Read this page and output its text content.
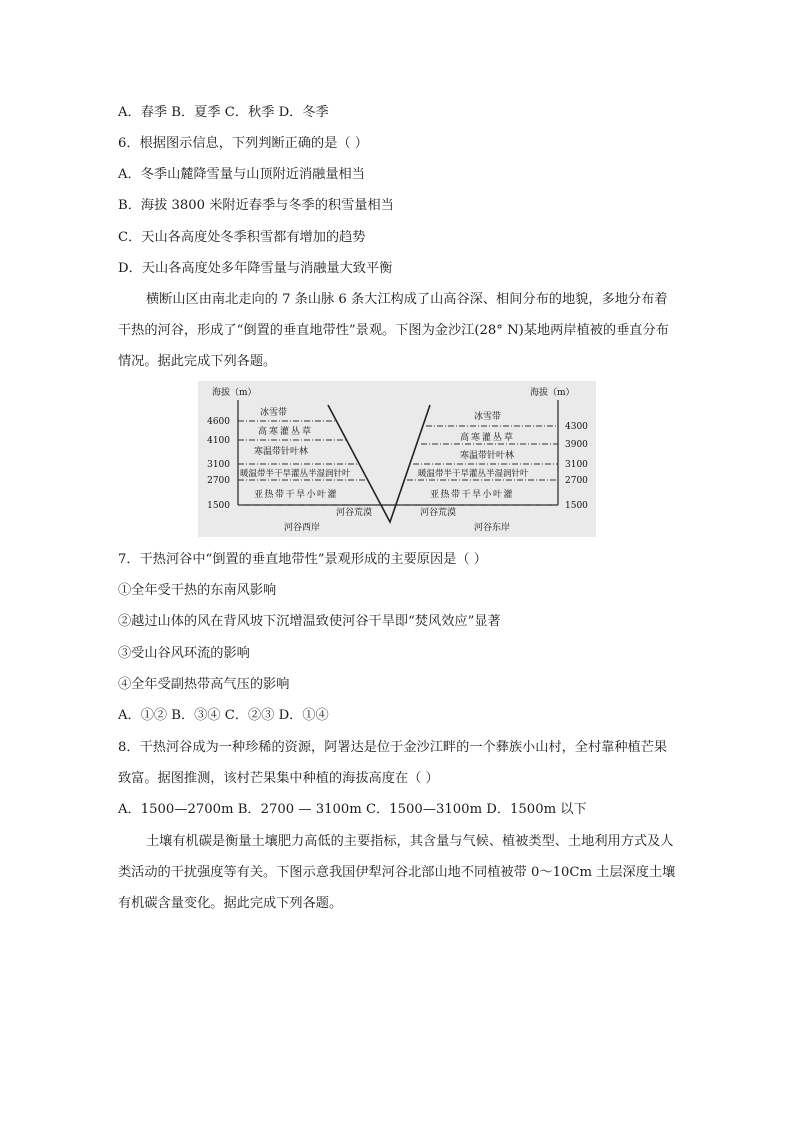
A．春季 B．夏季 C．秋季 D．冬季
6．根据图示信息，下列判断正确的是（ ）
A．冬季山麓降雪量与山顶附近消融量相当
B．海拔 3800 米附近春季与冬季的积雪量相当
C．天山各高度处冬季积雪都有增加的趋势
D．天山各高度处多年降雪量与消融量大致平衡
横断山区由南北走向的 7 条山脉 6 条大江构成了山高谷深、相间分布的地貌，多地分布着干热的河谷，形成了“倒置的垂直地带性”景观。下图为金沙江(28° N)某地两岸植被的垂直分布情况。据此完成下列各题。
海拔（m）	海拔（m）
4600
4100
3100
2700
1500
4300
3900
3100
2700
1500
冰雪带
高寒灌丛草
寒温带针叶林
暖温带半干旱灌丛半湿润针叶
亚热带干旱小叶灌
河谷荒漠
河谷西岸
冰雪带
高寒灌丛草
寒温带针叶林
暖温带半干旱灌丛半湿润针叶
亚热带干旱小叶灌
河谷荒漠
河谷东岸
7．干热河谷中“倒置的垂直地带性”景观形成的主要原因是（ ）
①全年受干热的东南风影响
②越过山体的风在背风坡下沉增温致使河谷干旱即“焚风效应”显著
③受山谷风环流的影响
④全年受副热带高气压的影响
A．①② B．③④ C．②③ D．①④
8．干热河谷成为一种珍稀的资源，阿署达是位于金沙江畔的一个彝族小山村，全村靠种植芒果致富。据图推测，该村芒果集中种植的海拔高度在（ ）
A．1500—2700m B．2700 — 3100m C．1500—3100m D．1500m 以下
土壤有机碳是衡量土壤肥力高低的主要指标，其含量与气候、植被类型、土地利用方式及人类活动的干扰强度等有关。下图示意我国伊犁河谷北部山地不同植被带 0～10Cm 土层深度土壤有机碳含量变化。据此完成下列各题。
